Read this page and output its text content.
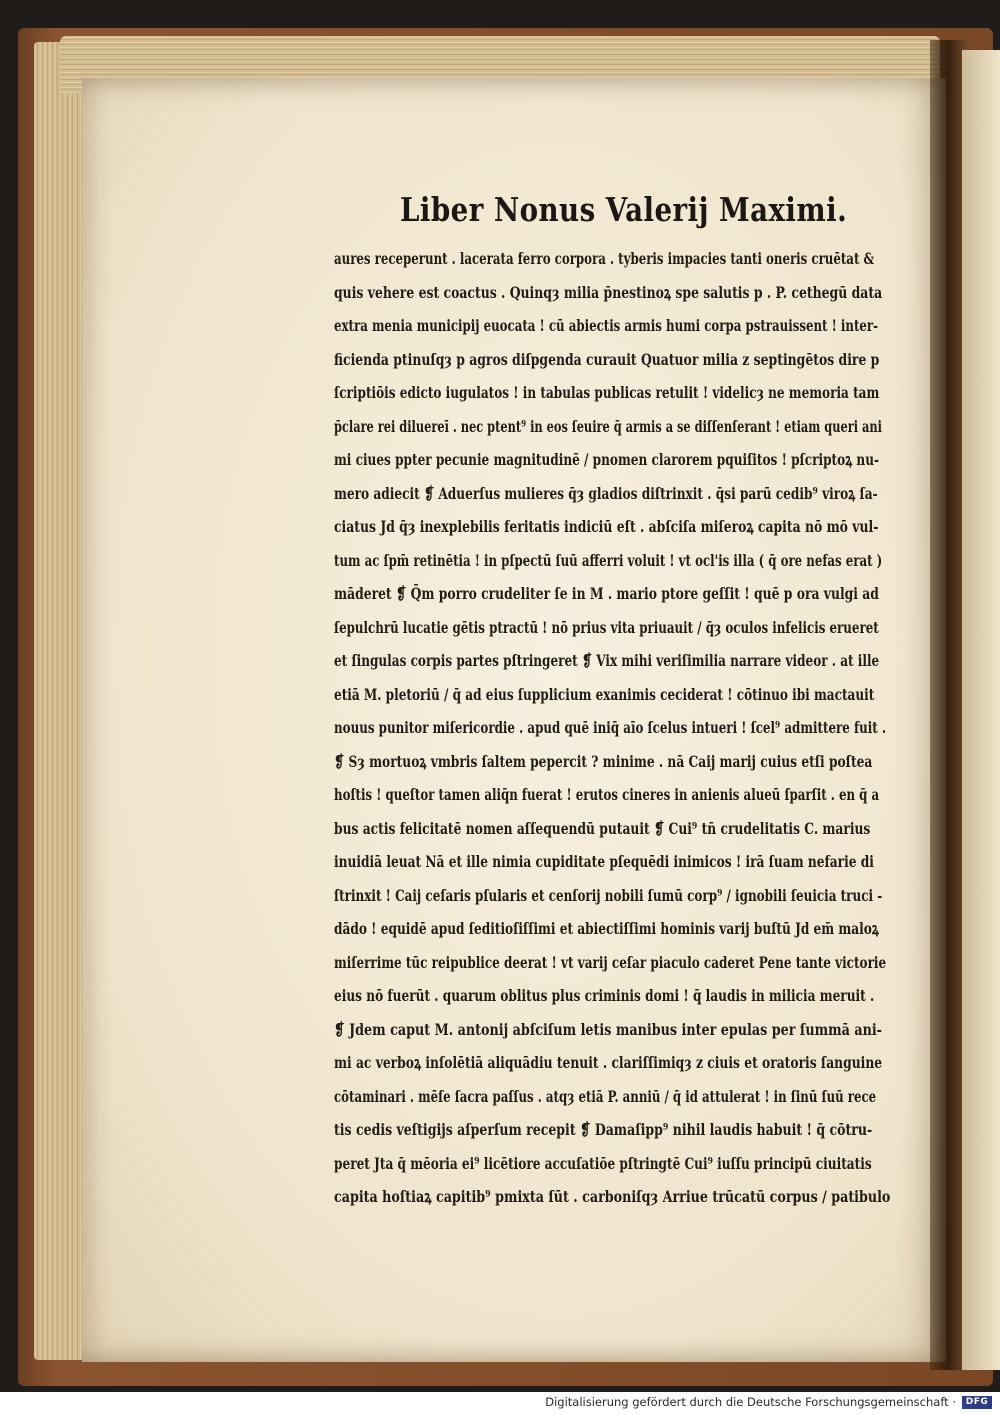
Liber Nonus Valerij Maximi.
aures receperunt . lacerata ferro corpora . tyberis impacies tanti oneris cruētat &
quis vehere est coactus . Quinqȝ milia p̄nestinoꝝ spe salutis p . P. cethegū data
extra menia municipij euocata ! cū abiectis armis humi corpa pstrauissent ! inter-
ficienda ptinuſqȝ p agros diſpgenda curauit Quatuor milia z septingētos dire p
ſcriptiōis edicto iugulatos ! in tabulas publicas retulit ! videlicȝ ne memoria tam
p̄clare rei diluereī . nec ptent⁹ in eos ſeuire q̄ armis a se diſſenſerant ! etiam queri ani
mi ciues ppter pecunie magnitudinē / pnomen clarorem pquiſitos ! pſcriptoꝝ nu-
mero adiecit ❡ Aduerſus mulieres q̄ȝ gladios diſtrinxit . q̄si parū cedib⁹ viroꝝ ſa-
ciatus Jd q̄ȝ inexplebilis feritatis indiciū eſt . abſciſa miſeroꝝ capita nō mō vul-
tum ac ſpm̄ retinētia ! in pſpectū ſuū afferri voluit ! vt ocl'is illa ( q̄ ore nefas erat )
māderet ❡ Q̄m porro crudeliter ſe in M . mario ptore geſſit ! quē p ora vulgi ad
ſepulchrū lucatie gētis ptractū ! nō prius vita priuauit / q̄ȝ oculos infelicis erueret
et ſingulas corpis partes pſtringeret ❡ Vix mihi veriſimilia narrare videor . at ille
etiā M. pletoriū / q̄ ad eius ſupplicium exanimis ceciderat ! cōtinuo ibi mactauit
nouus punitor miſericordie . apud quē iniq̄ aīo ſcelus intueri ! ſcel⁹ admittere fuit .
❡ Sȝ mortuoꝝ vmbris ſaltem pepercit ? minime . nā Caij marij cuius etſi poſtea
hoſtis ! queſtor tamen aliq̄n fuerat ! erutos cineres in anienis alueū ſparſit . en q̄ a
bus actis felicitatē nomen aſſequendū putauit ❡ Cui⁹ tn̄ crudelitatis C. marius
inuidiā leuat Nā et ille nimia cupiditate pſequēdi inimicos ! irā ſuam nefarie di
ſtrinxit ! Caij ceſaris pſularis et cenſorij nobili ſumū corp⁹ / ignobili ſeuicia truci -
dādo ! equidē apud ſeditioſiſſimi et abiectiſſimi hominis varij buſtū Jd em̄ maloꝝ
miſerrime tūc reipublice deerat ! vt varij ceſar piaculo caderet Pene tante victorie
eius nō fuerūt . quarum oblitus plus criminis domi ! q̄ laudis in milicia meruit .
❡ Jdem caput M. antonij abſciſum letis manibus inter epulas per ſummā ani-
mi ac verboꝝ inſolētiā aliquādiu tenuit . clariſſimiqȝ z ciuis et oratoris ſanguine
cōtaminari . mēſe ſacra paſſus . atqȝ etiā P. anniū / q̄ id attulerat ! in ſinū ſuū rece
tis cedis veſtigijs aſperſum recepit ❡ Damaſipp⁹ nihil laudis habuit ! q̄ cōtru-
peret Jta q̄ mēoria ei⁹ licētiore accuſatiōe pſtringtē Cui⁹ iuſſu principū ciuitatis
capita hoſtiaꝝ capitib⁹ pmixta ſūt . carboniſqȝ Arriue trūcatū corpus / patibulo
Digitalisierung gefördert durch die Deutsche Forschungsgemeinschaft ·	DFG
